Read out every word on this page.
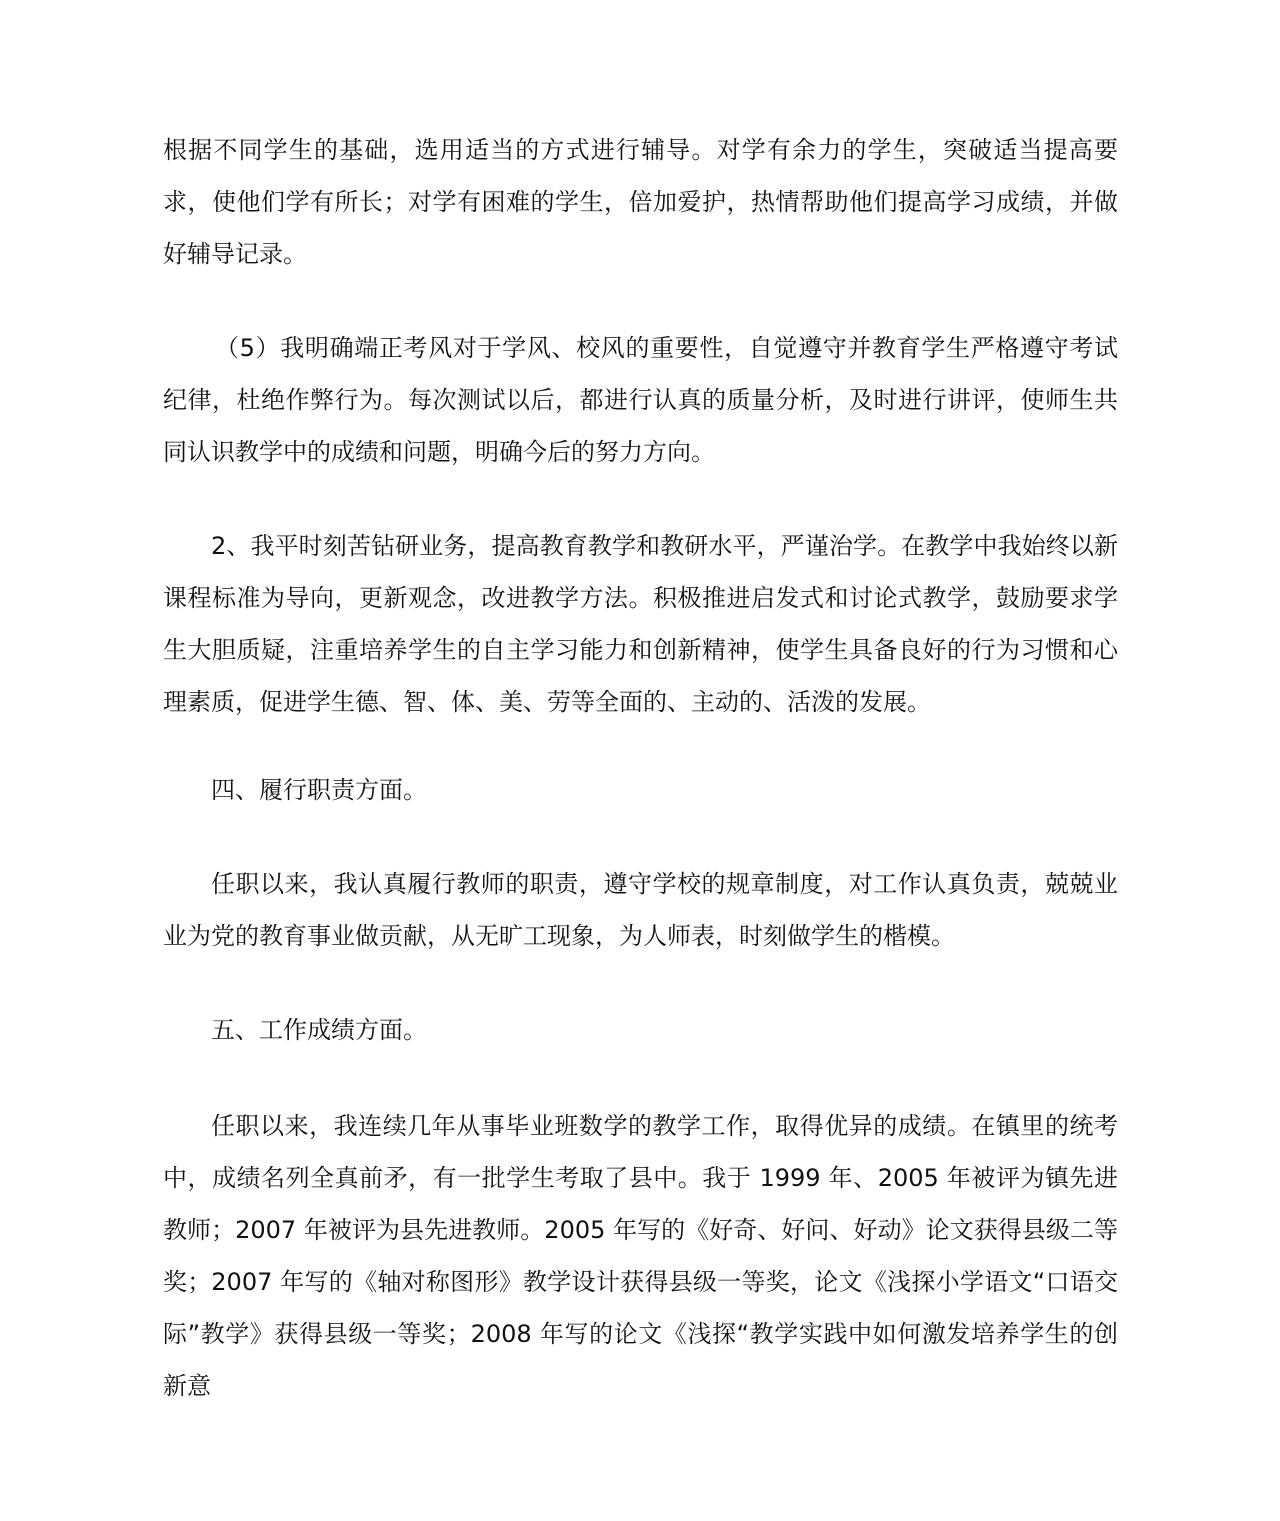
根据不同学生的基础，选用适当的方式进行辅导。对学有余力的学生，突破适当提高要求，使他们学有所长；对学有困难的学生，倍加爱护，热情帮助他们提高学习成绩，并做好辅导记录。

（5）我明确端正考风对于学风、校风的重要性，自觉遵守并教育学生严格遵守考试纪律，杜绝作弊行为。每次测试以后，都进行认真的质量分析，及时进行讲评，使师生共同认识教学中的成绩和问题，明确今后的努力方向。

2、我平时刻苦钻研业务，提高教育教学和教研水平，严谨治学。在教学中我始终以新课程标准为导向，更新观念，改进教学方法。积极推进启发式和讨论式教学，鼓励要求学生大胆质疑，注重培养学生的自主学习能力和创新精神，使学生具备良好的行为习惯和心理素质，促进学生德、智、体、美、劳等全面的、主动的、活泼的发展。

四、履行职责方面。

任职以来，我认真履行教师的职责，遵守学校的规章制度，对工作认真负责，兢兢业业为党的教育事业做贡献，从无旷工现象，为人师表，时刻做学生的楷模。

五、工作成绩方面。

任职以来，我连续几年从事毕业班数学的教学工作，取得优异的成绩。在镇里的统考中，成绩名列全真前矛，有一批学生考取了县中。我于 1999 年、2005 年被评为镇先进教师；2007 年被评为县先进教师。2005 年写的《好奇、好问、好动》论文获得县级二等奖；2007 年写的《轴对称图形》教学设计获得县级一等奖，论文《浅探小学语文“口语交际”教学》获得县级一等奖；2008 年写的论文《浅探“教学实践中如何激发培养学生的创新意
